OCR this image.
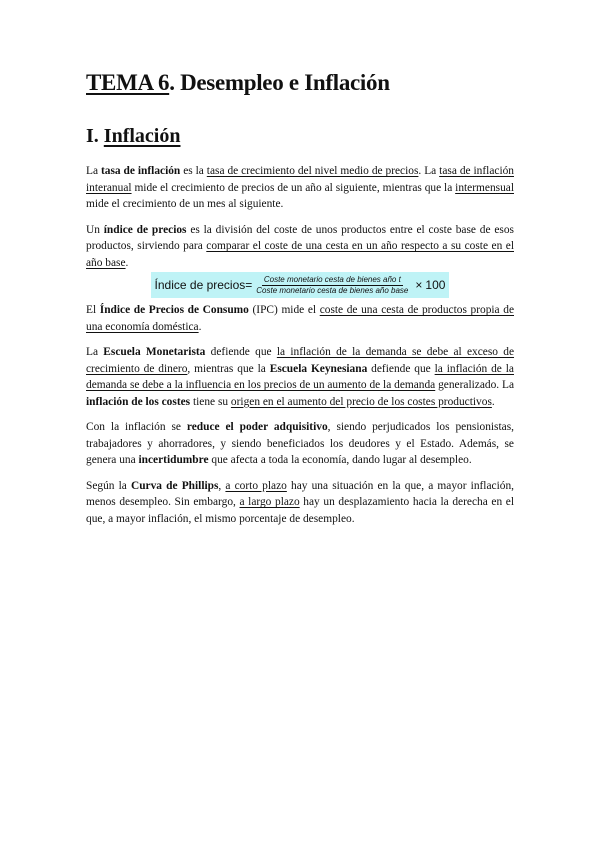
TEMA 6. Desempleo e Inflación
I. Inflación

La tasa de inflación es la tasa de crecimiento del nivel medio de precios. La tasa de inflación interanual mide el crecimiento de precios de un año al siguiente, mientras que la intermensual mide el crecimiento de un mes al siguiente.

Un índice de precios es la división del coste de unos productos entre el coste base de esos productos, sirviendo para comparar el coste de una cesta en un año respecto a su coste en el año base.

Índice de precios= $\frac{\text{Coste monetario cesta de bienes año t}}{\text{Coste monetario cesta de bienes año base}} \times 100$

El Índice de Precios de Consumo (IPC) mide el coste de una cesta de productos propia de una economía doméstica.

La Escuela Monetarista defiende que la inflación de la demanda se debe al exceso de crecimiento de dinero, mientras que la Escuela Keynesiana defiende que la inflación de la demanda se debe a la influencia en los precios de un aumento de la demanda generalizado. La inflación de los costes tiene su origen en el aumento del precio de los costes productivos.

Con la inflación se reduce el poder adquisitivo, siendo perjudicados los pensionistas, trabajadores y ahorradores, y siendo beneficiados los deudores y el Estado. Además, se genera una incertidumbre que afecta a toda la economía, dando lugar al desempleo.

Según la Curva de Phillips, a corto plazo hay una situación en la que, a mayor inflación, menos desempleo. Sin embargo, a largo plazo hay un desplazamiento hacia la derecha en el que, a mayor inflación, el mismo porcentaje de desempleo.
